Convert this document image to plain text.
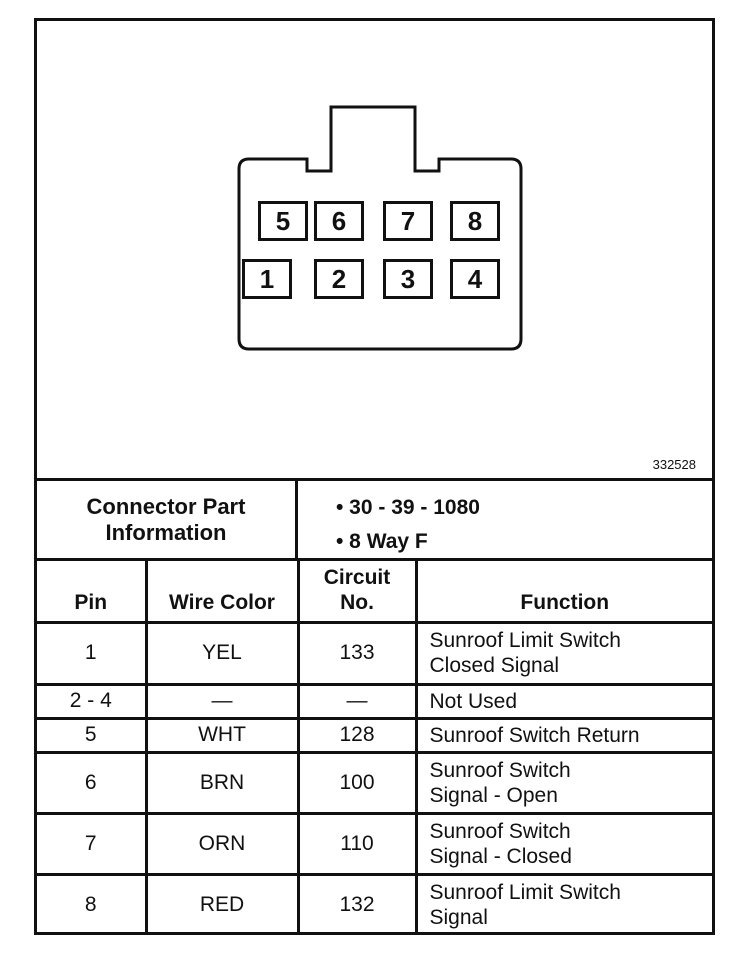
5 6 7 8
1 2 3 4
332528
Connector Part Information
• 30 - 39 - 1080
• 8 Way F
Pin	Wire Color	Circuit No.	Function
1	YEL	133	Sunroof Limit Switch Closed Signal

2 - 4	—	—	Not Used
5	WHT	128	Sunroof Switch Return
6	BRN	100	Sunroof Switch Signal - Open

7	ORN	110	Sunroof Switch Signal - Closed

8	RED	132	Sunroof Limit Switch Signal
